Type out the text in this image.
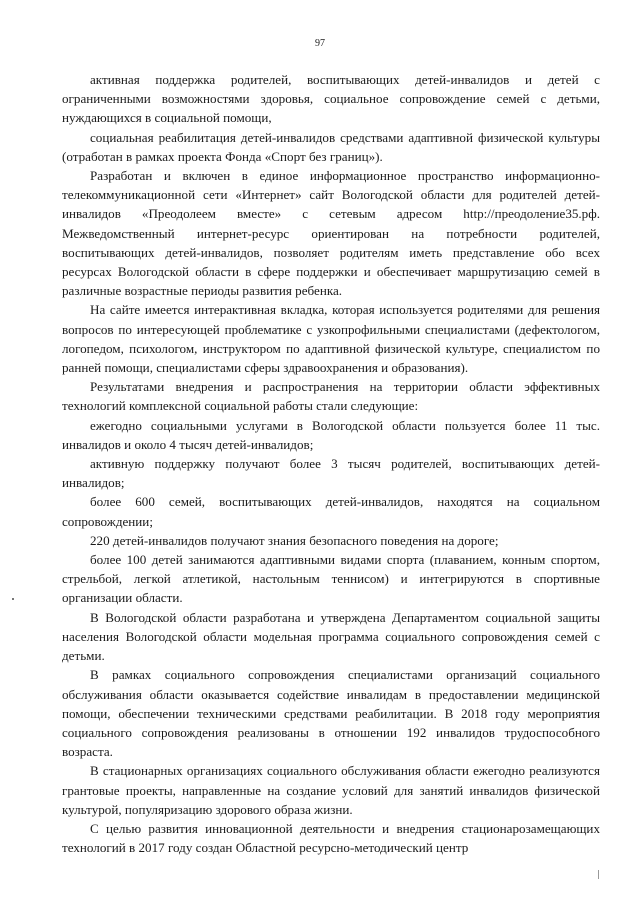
97

активная поддержка родителей, воспитывающих детей-инвалидов и детей с ограниченными возможностями здоровья, социальное сопровождение семей с детьми, нуждающихся в социальной помощи,

социальная реабилитация детей-инвалидов средствами адаптивной физической культуры (отработан в рамках проекта Фонда «Спорт без границ»).

Разработан и включен в единое информационное пространство информационно-телекоммуникационной сети «Интернет» сайт Вологодской области для родителей детей-инвалидов «Преодолеем вместе» с сетевым адресом http://преодоление35.рф. Межведомственный интернет-ресурс ориентирован на потребности родителей, воспитывающих детей-инвалидов, позволяет родителям иметь представление обо всех ресурсах Вологодской области в сфере поддержки и обеспечивает маршрутизацию семей в различные возрастные периоды развития ребенка.

На сайте имеется интерактивная вкладка, которая используется родителями для решения вопросов по интересующей проблематике с узкопрофильными специалистами (дефектологом, логопедом, психологом, инструктором по адаптивной физической культуре, специалистом по ранней помощи, специалистами сферы здравоохранения и образования).

Результатами внедрения и распространения на территории области эффективных технологий комплексной социальной работы стали следующие:

ежегодно социальными услугами в Вологодской области пользуется более 11 тыс. инвалидов и около 4 тысяч детей-инвалидов;

активную поддержку получают более 3 тысяч родителей, воспитывающих детей-инвалидов;

более 600 семей, воспитывающих детей-инвалидов, находятся на социальном сопровождении;

220 детей-инвалидов получают знания безопасного поведения на дороге;

более 100 детей занимаются адаптивными видами спорта (плаванием, конным спортом, стрельбой, легкой атлетикой, настольным теннисом) и интегрируются в спортивные организации области.

В Вологодской области разработана и утверждена Департаментом социальной защиты населения Вологодской области модельная программа социального сопровождения семей с детьми.

В рамках социального сопровождения специалистами организаций социального обслуживания области оказывается содействие инвалидам в предоставлении медицинской помощи, обеспечении техническими средствами реабилитации. В 2018 году мероприятия социального сопровождения реализованы в отношении 192 инвалидов трудоспособного возраста.

В стационарных организациях социального обслуживания области ежегодно реализуются грантовые проекты, направленные на создание условий для занятий инвалидов физической культурой, популяризацию здорового образа жизни.

С целью развития инновационной деятельности и внедрения стационарозамещающих технологий в 2017 году создан Областной ресурсно-методический центр
